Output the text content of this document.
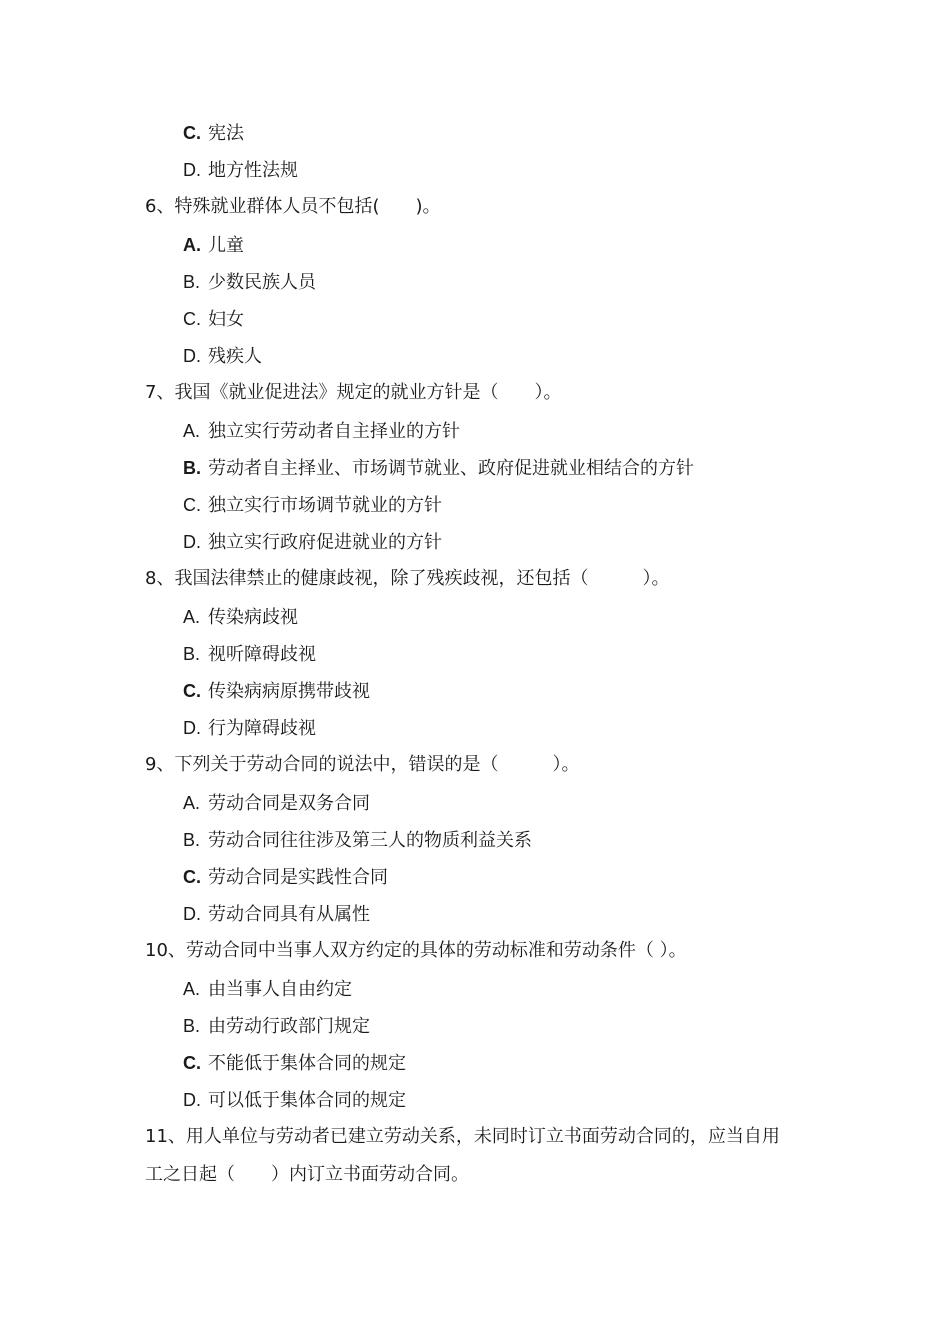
C. 宪法
D. 地方性法规
6、特殊就业群体人员不包括(　　)。
A. 儿童
B. 少数民族人员
C. 妇女
D. 残疾人
7、我国《就业促进法》规定的就业方针是（　　）。
A. 独立实行劳动者自主择业的方针
B. 劳动者自主择业、市场调节就业、政府促进就业相结合的方针
C. 独立实行市场调节就业的方针
D. 独立实行政府促进就业的方针
8、我国法律禁止的健康歧视，除了残疾歧视，还包括（　　　）。
A. 传染病歧视
B. 视听障碍歧视
C. 传染病病原携带歧视
D. 行为障碍歧视
9、下列关于劳动合同的说法中，错误的是（　　　）。
A. 劳动合同是双务合同
B. 劳动合同往往涉及第三人的物质利益关系
C. 劳动合同是实践性合同
D. 劳动合同具有从属性
10、劳动合同中当事人双方约定的具体的劳动标准和劳动条件（ ）。
A. 由当事人自由约定
B. 由劳动行政部门规定
C. 不能低于集体合同的规定
D. 可以低于集体合同的规定
11、用人单位与劳动者已建立劳动关系，未同时订立书面劳动合同的，应当自用
工之日起（　　）内订立书面劳动合同。
